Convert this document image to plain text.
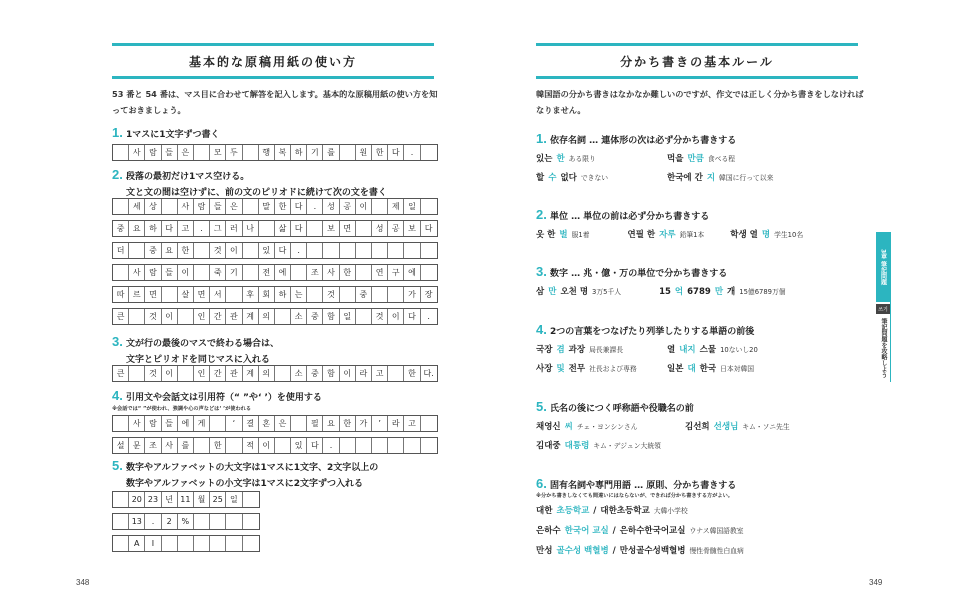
基本的な原稿用紙の使い方
53 番と 54 番は、マス目に合わせて解答を記入します。基本的な原稿用紙の使い方を知っておきましょう。
1. 1マスに1文字ずつ書く
사	람	들	은	모	두	행	복	하	기	를	원	한	다	.
2. 段落の最初だけ1マス空ける。
文と文の間は空けずに、前の文のピリオドに続けて次の文を書く
세	상	사	람	들	은	말	한	다	.	성	공	이	제	일
중	요	하	다	고	.	그	러	나	삶	다	보	면	성	공	보	다
더	중	요	한	것	이	있	다	.
사	람	들	이	죽	기	전	에	조	사	한	연	구	에
따	르	면	살	면	서	후	회	하	는	것	중	가	장
큰	것	이	인	간	관	계	의	소	중	함	일	것	이	다	.
3. 文が行の最後のマスで終わる場合は、
文字とピリオドを同じマスに入れる
큰	것	이	인	간	관	계	의	소	중	함	이	라	고	한 다.
4. 引用文や会話文は引用符（“ ”や‘ ’）を使用する
※会話では“ ”が使われ、強調や心の声などは‘ ’が使われる
사	람	들	에	게	‘	결	혼	은	필	요	한	가	’	라	고
설	문	조	사	를	한	적	이	있	다	.
5. 数字やアルファベットの大文字は1マスに1文字、2文字以上の
数字やアルファベットの小文字は1マスに2文字ずつ入れる
20 23 년 11 월 25 일
13	.	2	%
A	I
348
分かち書きの基本ルール
韓国語の分かち書きはなかなか難しいのですが、作文では正しく分かち書きをしなければなりません。
1. 依存名詞 … 連体形の次は必ず分かち書きする
있는 한 ある限り	먹을 만큼 食べる程
할 수 없다 できない	한국에 간 지 韓国に行って以来
2. 単位 … 単位の前は必ず分かち書きする
옷 한 벌 服1着	연필 한 자루 鉛筆1本	학생 열 명 学生10名
3. 数字 … 兆・億・万の単位で分かち書きする
삼 만 오천 명 3万5千人	15 억 6789 만 개 15億6789万個
4. 2つの言葉をつなげたり列挙したりする単語の前後
국장 겸 과장 局長兼課長	열 내지 스물 10ないし20
사장 및 전무 社長および専務	일본 대 한국 日本対韓国
5. 氏名の後につく呼称語や役職名の前
채영신 씨 チェ・ヨンシンさん	김선희 선생님 キム・ソニ先生
김대중 대통령 キム・デジュン大統領
6. 固有名詞や専門用語 … 原則、分かち書きする
※分かち書きしなくても間違いにはならないが、できれば分かち書きする方がよい。
대한 초등학교 / 대한초등학교 大韓小学校
은하수 한국어 교실 / 은하수한국어교실 ウナス韓国語教室
만성 골수성 백혈병 / 만성골수성백혈병 慢性骨髄性白血病
3章 筆記問題
쓰기
筆記問題を攻略しよう
349
